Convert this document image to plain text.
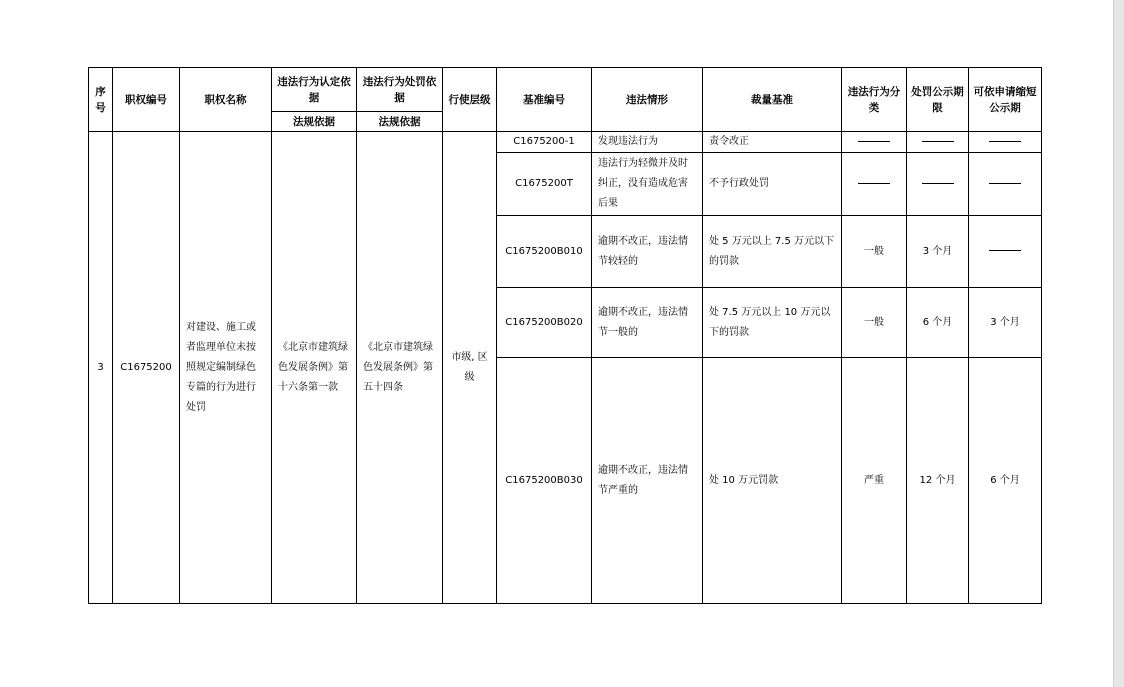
序号	职权编号	职权名称	违法行为认定依据	违法行为处罚依据	行使层级	基准编号	违法情形	裁量基准	违法行为分类	处罚公示期限	可依申请缩短公示期
			法规依据	法规依据							
3	C1675200	对建设、施工或者监理单位未按照规定编制绿色专篇的行为进行处罚	《北京市建筑绿色发展条例》第十六条第一款	《北京市建筑绿色发展条例》第五十四条	市级, 区级	C1675200-1	发现违法行为	责令改正			
						C1675200T	违法行为轻微并及时纠正，没有造成危害后果	不予行政处罚			
						C1675200B010	逾期不改正，违法情节较轻的	处 5 万元以上 7.5 万元以下的罚款	一般	3 个月	
						C1675200B020	逾期不改正，违法情节一般的	处 7.5 万元以上 10 万元以下的罚款	一般	6 个月	3 个月
						C1675200B030	逾期不改正，违法情节严重的	处 10 万元罚款	严重	12 个月	6 个月
